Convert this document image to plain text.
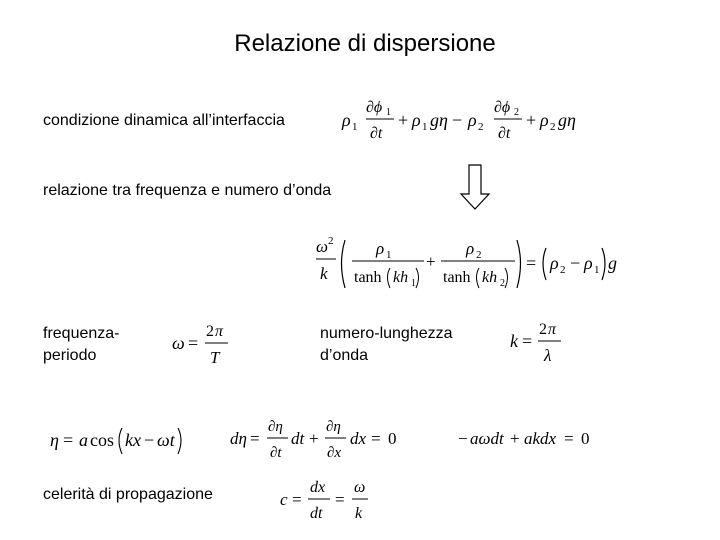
Relazione di dispersione
condizione dinamica all’interfaccia	ρ 1
∂ϕ 1
∂t
+ ρ 1 gη − ρ 2
∂ϕ 2
∂t
+ ρ 2 gη
relazione tra frequenza e numero d’onda
ω 2
k
ρ 1
tanh kh 1
+
ρ 2
tanh kh 2
= ρ 2 − ρ 1 g
frequenza-
periodo
ω =
2 π
T
numero-lunghezza
d’onda
k =
2 π
λ
η = a cos kx − ωt	dη =
∂η
∂t
dt +
∂η
∂x
dx = 0	− aωdt + akdx = 0
celerità di propagazione	c =
dx
dt
=
ω
k
